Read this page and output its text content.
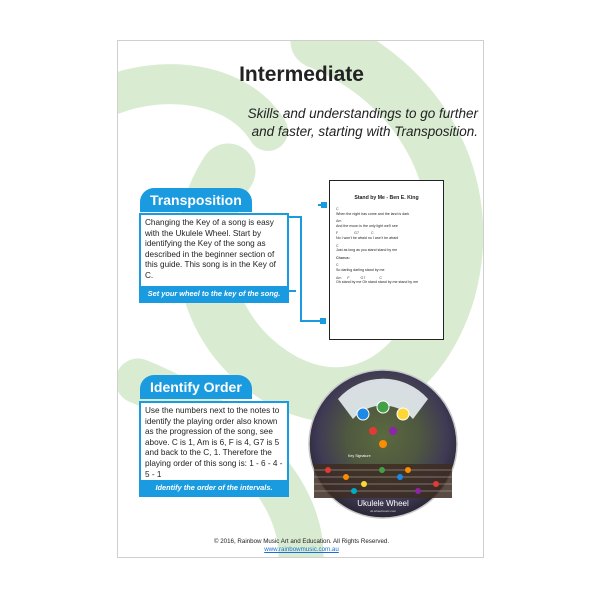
Intermediate
Skills and understandings to go further
and faster, starting with Transposition.
Transposition
Changing the Key of a song is easy with the Ukulele Wheel. Start by identifying the Key of the song as described in the beginner section of this guide. This song is in the Key of C.
Set your wheel to the key of the song.
Stand by Me - Ben E. King
C
When the night has come and the land is dark
Am
And the moon is the only light we'll see
F                G7            C
No I won't be afraid no I won't be afraid
C
Just as long as you stand stand by me
Chorus:
C
So darling darling stand by me
Am      F           G7              C
Oh stand by me Oh stand stand by me stand by me
Identify Order
Use the numbers next to the notes to identify the playing order also known as the progression of the song, see above. C is 1, Am is 6, F is 4, G7 is 5 and back to the C, 1. Therefore the playing order of this song is: 1 - 6 - 4 - 5 - 1
Identify the order of the intervals.
Key Signature
Ukulele Wheel
uk.wheelmusic.com
© 2016, Rainbow Music Art and Education. All Rights Reserved.
www.rainbowmusic.com.au
